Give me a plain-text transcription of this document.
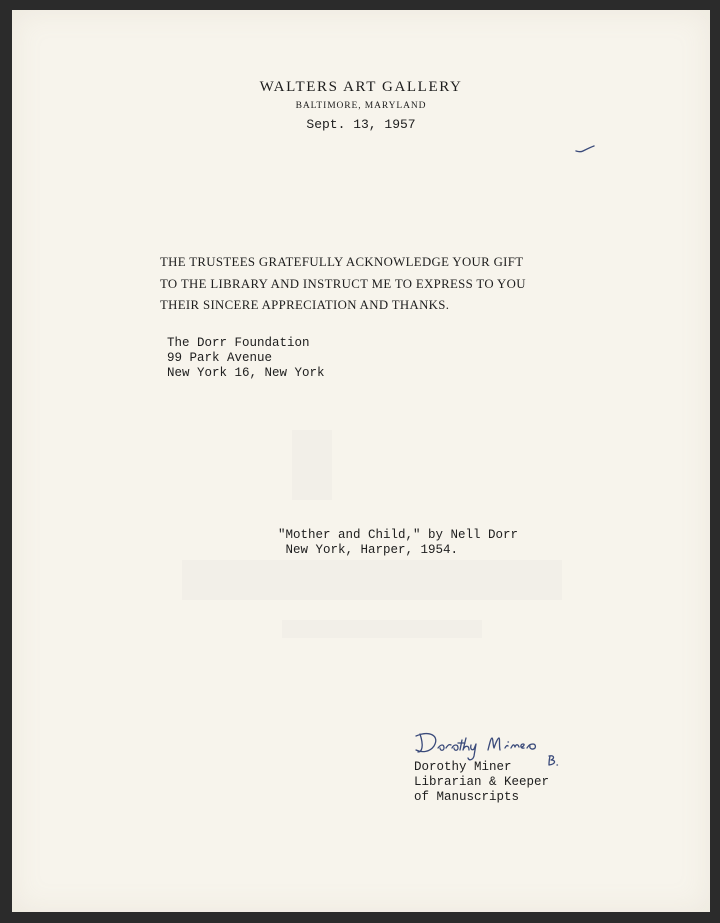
WALTERS ART GALLERY
BALTIMORE, MARYLAND
Sept. 13, 1957
THE TRUSTEES GRATEFULLY ACKNOWLEDGE YOUR GIFT
TO THE LIBRARY AND INSTRUCT ME TO EXPRESS TO YOU
THEIR SINCERE APPRECIATION AND THANKS.
The Dorr Foundation
99 Park Avenue
New York 16, New York
"Mother and Child," by Nell Dorr
New York, Harper, 1954.
Dorothy Miner
Librarian & Keeper
of Manuscripts
